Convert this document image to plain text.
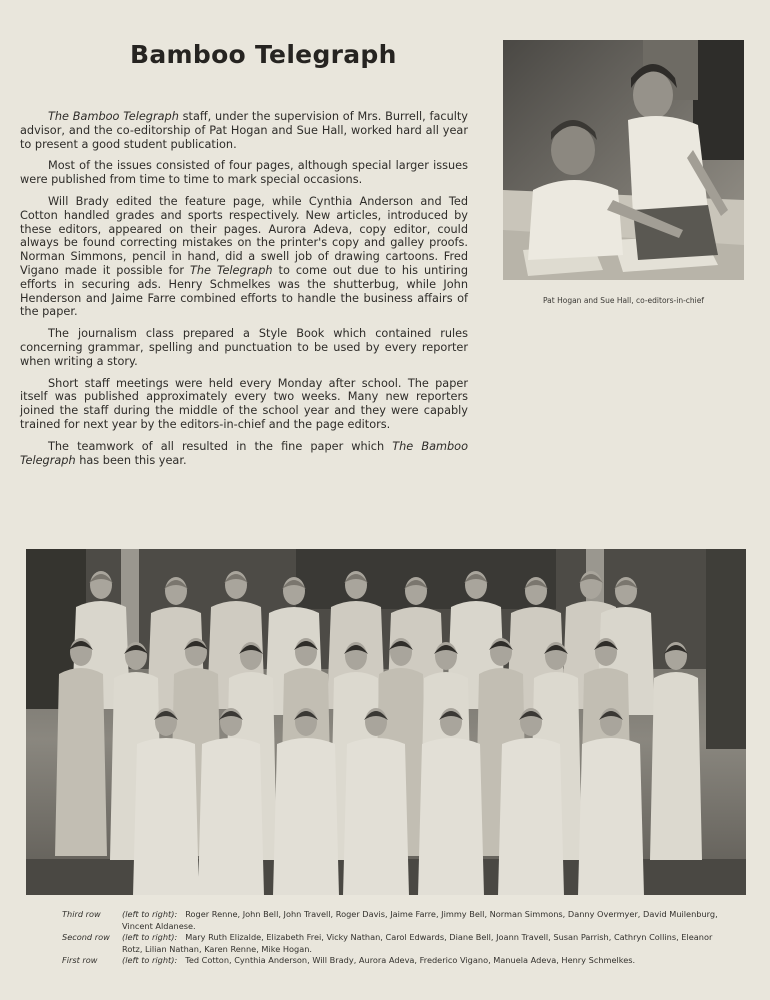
Bamboo Telegraph

The Bamboo Telegraph staff, under the supervision of Mrs. Burrell, faculty advisor, and the co-editorship of Pat Hogan and Sue Hall, worked hard all year to present a good student publication.

Most of the issues consisted of four pages, although special larger issues were published from time to time to mark special occasions.

Will Brady edited the feature page, while Cynthia Anderson and Ted Cotton handled grades and sports respectively. New articles, introduced by these editors, appeared on their pages. Aurora Adeva, copy editor, could always be found correcting mistakes on the printer's copy and galley proofs. Norman Simmons, pencil in hand, did a swell job of drawing cartoons. Fred Vigano made it possible for The Telegraph to come out due to his untiring efforts in securing ads. Henry Schmelkes was the shutterbug, while John Henderson and Jaime Farre combined efforts to handle the business affairs of the paper.

The journalism class prepared a Style Book which contained rules concerning grammar, spelling and punctuation to be used by every reporter when writing a story.

Short staff meetings were held every Monday after school. The paper itself was published approximately every two weeks. Many new reporters joined the staff during the middle of the school year and they were capably trained for next year by the editors-in-chief and the page editors.

The teamwork of all resulted in the fine paper which The Bamboo Telegraph has been this year.

Pat Hogan and Sue Hall, co-editors-in-chief
Third row	(left to right): Roger Renne, John Bell, John Travell, Roger Davis, Jaime Farre, Jimmy Bell, Norman Simmons, Danny Overmyer, David Muilenburg, Vincent Aldanese.
Second row	(left to right): Mary Ruth Elizalde, Elizabeth Frei, Vicky Nathan, Carol Edwards, Diane Bell, Joann Travell, Susan Parrish, Cathryn Collins, Eleanor Rotz, Lilian Nathan, Karen Renne, Mike Hogan.
First row	(left to right): Ted Cotton, Cynthia Anderson, Will Brady, Aurora Adeva, Frederico Vigano, Manuela Adeva, Henry Schmelkes.
